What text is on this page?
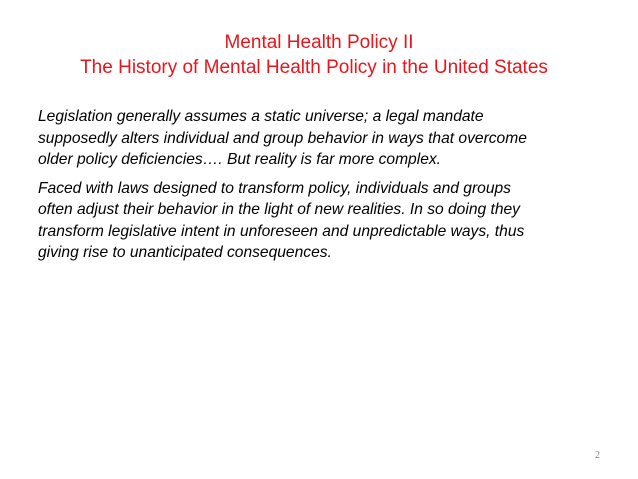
Mental Health Policy II
The History of Mental Health Policy in the United States

Legislation generally assumes a static universe; a legal mandate
supposedly alters individual and group behavior in ways that overcome
older policy deficiencies…. But reality is far more complex.

Faced with laws designed to transform policy, individuals and groups
often adjust their behavior in the light of new realities. In so doing they
transform legislative intent in unforeseen and unpredictable ways, thus
giving rise to unanticipated consequences.

2
